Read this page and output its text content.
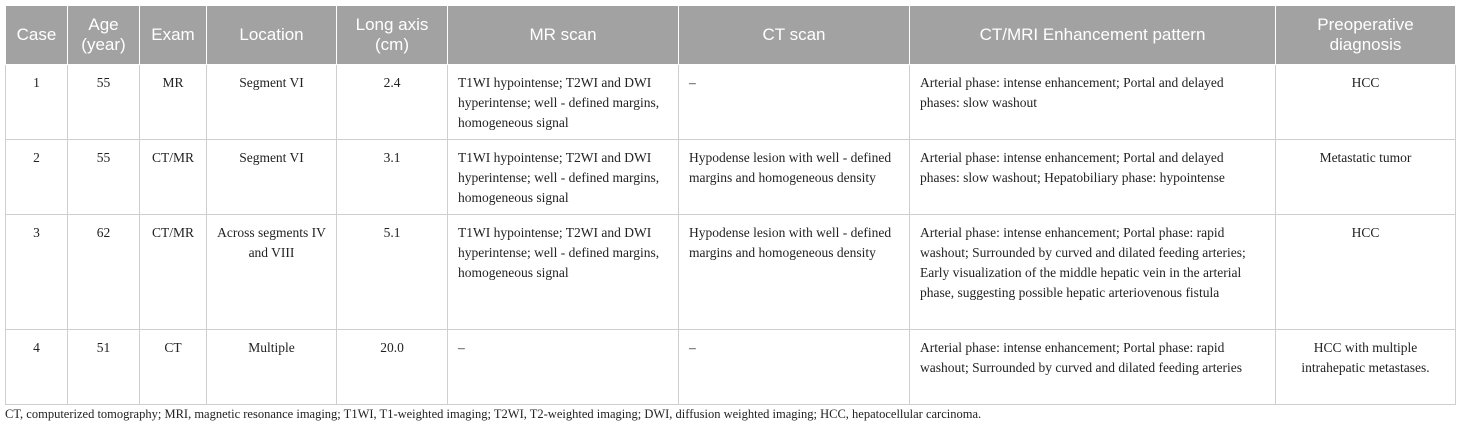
Case	Age (year)	Exam	Location	Long axis (cm)	MR scan	CT scan	CT/MRI Enhancement pattern	Preoperative diagnosis
1	55	MR	Segment VI	2.4	T1WI hypointense; T2WI and DWI hyperintense; well - defined margins, homogeneous signal	–	Arterial phase: intense enhancement; Portal and delayed phases: slow washout	HCC
2	55	CT/MR	Segment VI	3.1	T1WI hypointense; T2WI and DWI hyperintense; well - defined margins, homogeneous signal	Hypodense lesion with well - defined margins and homogeneous density	Arterial phase: intense enhancement; Portal and delayed phases: slow washout; Hepatobiliary phase: hypointense	Metastatic tumor
3	62	CT/MR	Across segments IV and VIII	5.1	T1WI hypointense; T2WI and DWI hyperintense; well - defined margins, homogeneous signal	Hypodense lesion with well - defined margins and homogeneous density	Arterial phase: intense enhancement; Portal phase: rapid washout; Surrounded by curved and dilated feeding arteries; Early visualization of the middle hepatic vein in the arterial phase, suggesting possible hepatic arteriovenous fistula	HCC
4	51	CT	Multiple	20.0	–	–	Arterial phase: intense enhancement; Portal phase: rapid washout; Surrounded by curved and dilated feeding arteries	HCC with multiple intrahepatic metastases.
CT, computerized tomography; MRI, magnetic resonance imaging; T1WI, T1-weighted imaging; T2WI, T2-weighted imaging; DWI, diffusion weighted imaging; HCC, hepatocellular carcinoma.
